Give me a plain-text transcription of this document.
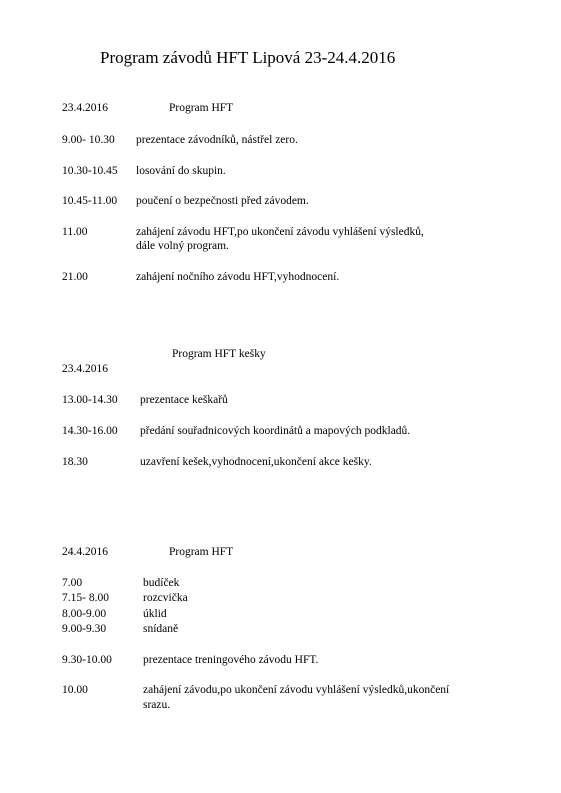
Program závodů HFT Lipová 23-24.4.2016
23.4.2016	Program HFT
9.00- 10.30 prezentace závodníků, nástřel zero.
10.30-10.45 losování do skupin.
10.45-11.00 poučení o bezpečnosti před závodem.
11.00	zahájení závodu HFT,po ukončení závodu vyhlášení výsledků,
dále volný program.
21.00	zahájení nočního závodu HFT,vyhodnocení.
Program HFT kešky
23.4.2016
13.00-14.30 prezentace keškařů
14.30-16.00 předání souřadnicových koordinátů a mapových podkladů.
18.30	uzavření kešek,vyhodnocení,ukončení akce kešky.
24.4.2016	Program HFT
7.00	budíček
7.15- 8.00	rozcvička
8.00-9.00	úklid
9.00-9.30	snídaně
9.30-10.00	prezentace treningového závodu HFT.
10.00	zahájení závodu,po ukončení závodu vyhlášení výsledků,ukončení
srazu.
